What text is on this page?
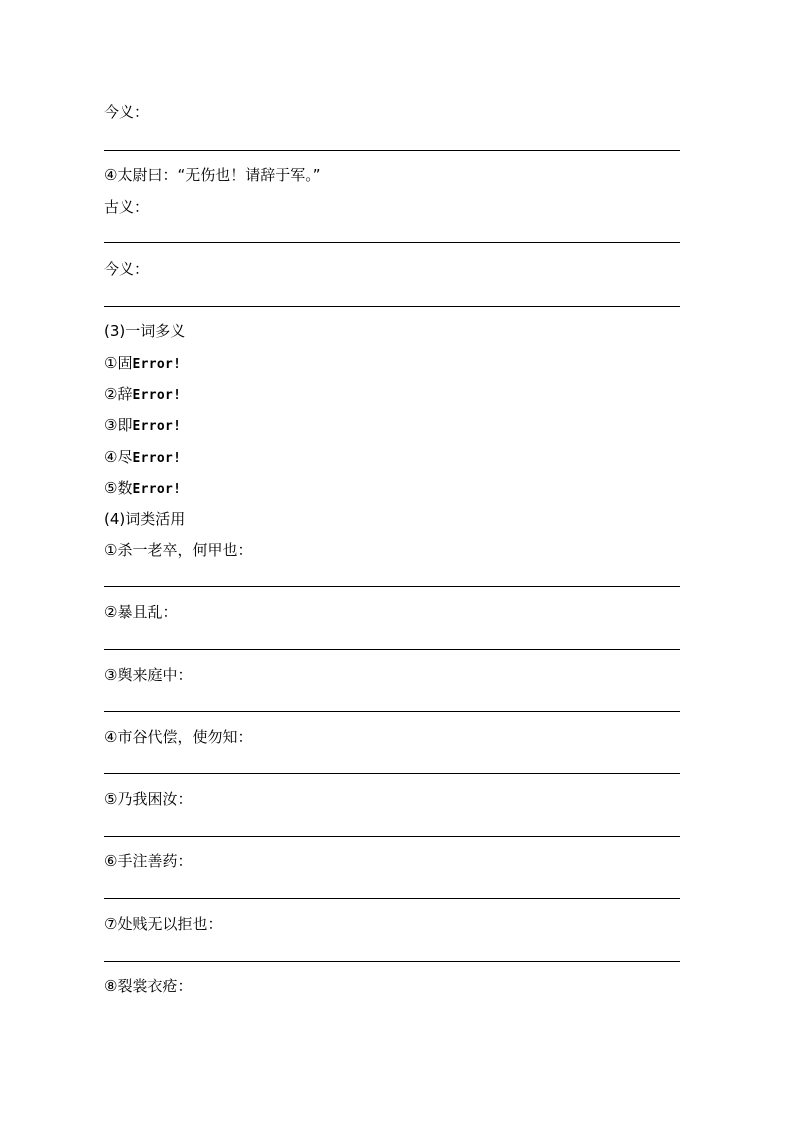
今义：

④太尉曰：“无伤也！请辞于军。”

古义：

今义：

(3)一词多义

①固Error!

②辞Error!

③即Error!

④尽Error!

⑤数Error!

(4)词类活用

①杀一老卒，何甲也：

②暴且乱：

③舆来庭中：

④市谷代偿，使勿知：

⑤乃我困汝：

⑥手注善药：

⑦处贱无以拒也：

⑧裂裳衣疮：
